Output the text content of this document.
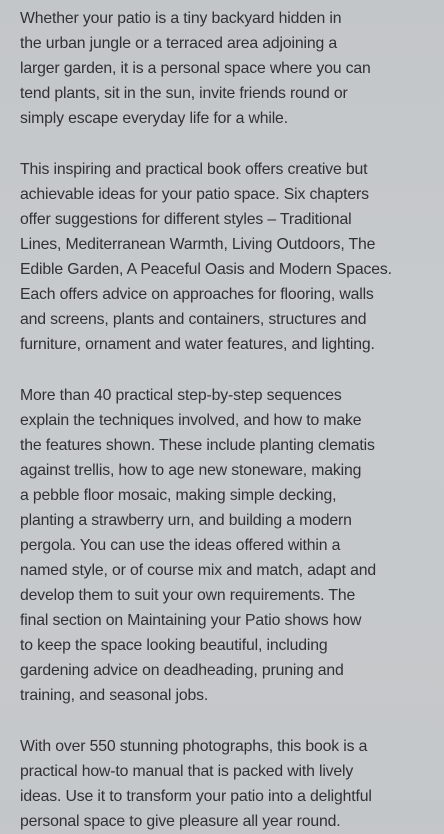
Whether your patio is a tiny backyard hidden in
the urban jungle or a terraced area adjoining a
larger garden, it is a personal space where you can
tend plants, sit in the sun, invite friends round or
simply escape everyday life for a while.

This inspiring and practical book offers creative but
achievable ideas for your patio space. Six chapters
offer suggestions for different styles – Traditional
Lines, Mediterranean Warmth, Living Outdoors, The
Edible Garden, A Peaceful Oasis and Modern Spaces.
Each offers advice on approaches for flooring, walls
and screens, plants and containers, structures and
furniture, ornament and water features, and lighting.

More than 40 practical step-by-step sequences
explain the techniques involved, and how to make
the features shown. These include planting clematis
against trellis, how to age new stoneware, making
a pebble floor mosaic, making simple decking,
planting a strawberry urn, and building a modern
pergola. You can use the ideas offered within a
named style, or of course mix and match, adapt and
develop them to suit your own requirements. The
final section on Maintaining your Patio shows how
to keep the space looking beautiful, including
gardening advice on deadheading, pruning and
training, and seasonal jobs.

With over 550 stunning photographs, this book is a
practical how-to manual that is packed with lively
ideas. Use it to transform your patio into a delightful
personal space to give pleasure all year round.
